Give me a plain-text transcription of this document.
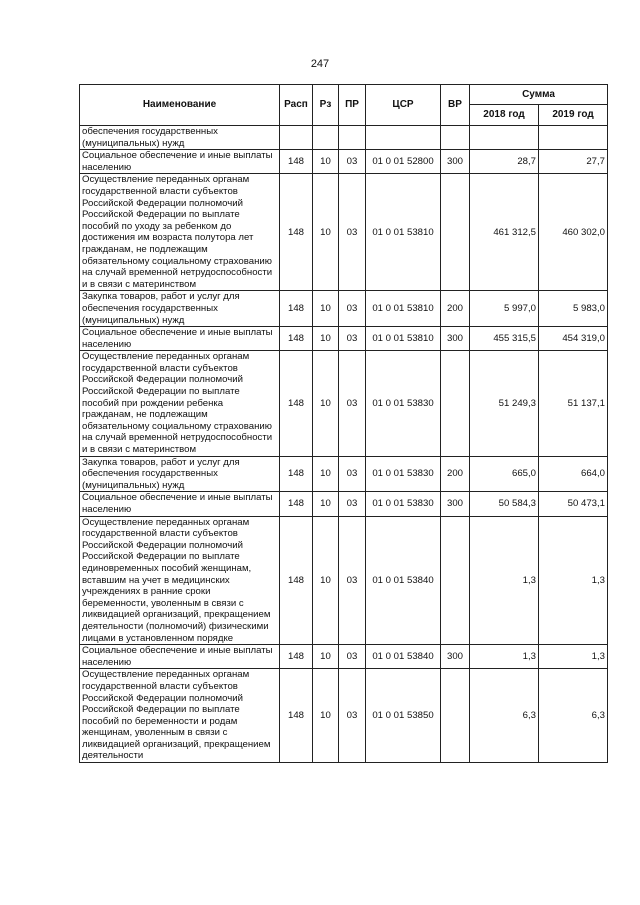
247
Наименование	Расп	Рз	ПР	ЦСР	ВР	Сумма	
						2018 год	2019 год
обеспечения государственных (муниципальных) нужд							
Социальное обеспечение и иные выплаты населению	148	10	03	01 0 01 52800	300	28,7	27,7
Осуществление переданных органам государственной власти субъектов Российской Федерации полномочий Российской Федерации по выплате пособий по уходу за ребенком до достижения им возраста полутора лет гражданам, не подлежащим обязательному социальному страхованию на случай временной нетрудоспособности и в связи с материнством	148	10	03	01 0 01 53810		461 312,5	460 302,0
Закупка товаров, работ и услуг для обеспечения государственных (муниципальных) нужд	148	10	03	01 0 01 53810	200	5 997,0	5 983,0
Социальное обеспечение и иные выплаты населению	148	10	03	01 0 01 53810	300	455 315,5	454 319,0
Осуществление переданных органам государственной власти субъектов Российской Федерации полномочий Российской Федерации по выплате пособий при рождении ребенка гражданам, не подлежащим обязательному социальному страхованию на случай временной нетрудоспособности и в связи с материнством	148	10	03	01 0 01 53830		51 249,3	51 137,1
Закупка товаров, работ и услуг для обеспечения государственных (муниципальных) нужд	148	10	03	01 0 01 53830	200	665,0	664,0
Социальное обеспечение и иные выплаты населению	148	10	03	01 0 01 53830	300	50 584,3	50 473,1
Осуществление переданных органам государственной власти субъектов Российской Федерации полномочий Российской Федерации по выплате единовременных пособий женщинам, вставшим на учет в медицинских учреждениях в ранние сроки беременности, уволенным в связи с ликвидацией организаций, прекращением деятельности (полномочий) физическими лицами в установленном порядке	148	10	03	01 0 01 53840		1,3	1,3
Социальное обеспечение и иные выплаты населению	148	10	03	01 0 01 53840	300	1,3	1,3
Осуществление переданных органам государственной власти субъектов Российской Федерации полномочий Российской Федерации по выплате пособий по беременности и родам женщинам, уволенным в связи с ликвидацией организаций, прекращением деятельности	148	10	03	01 0 01 53850		6,3	6,3
